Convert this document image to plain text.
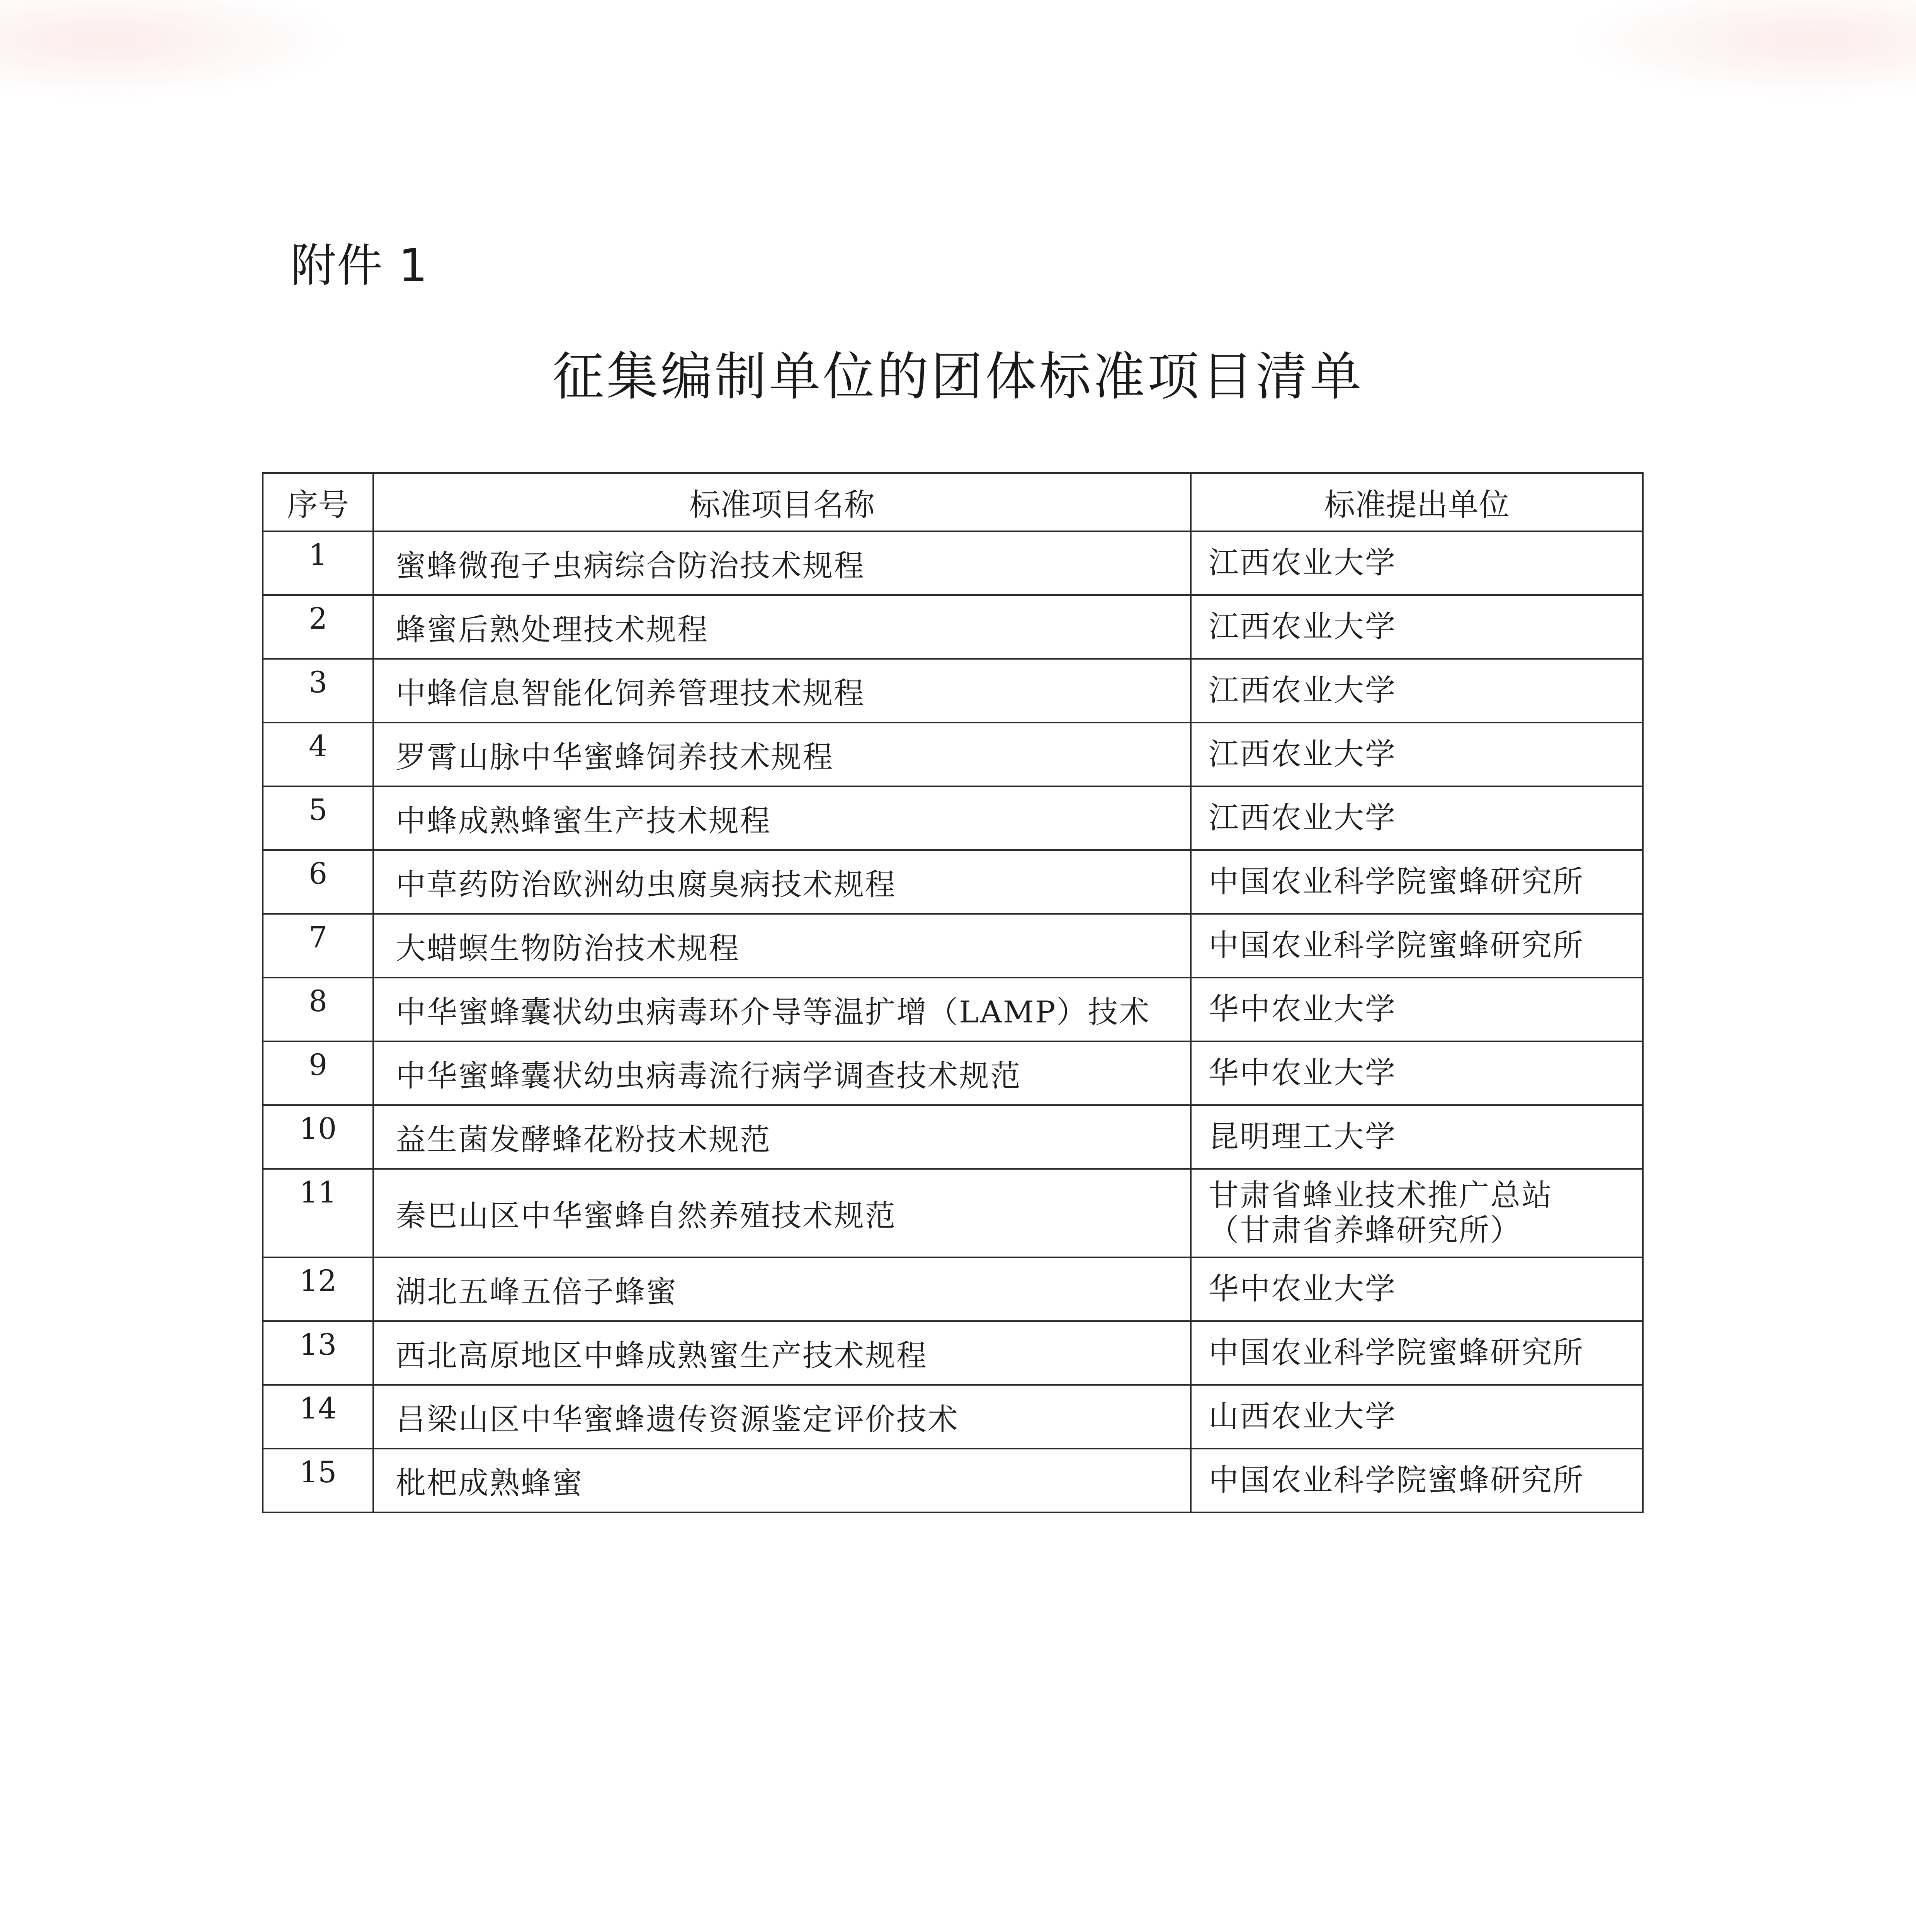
附件 1
征集编制单位的团体标准项目清单
序号	标准项目名称	标准提出单位
1	蜜蜂微孢子虫病综合防治技术规程	江西农业大学

2	蜂蜜后熟处理技术规程	江西农业大学

3	中蜂信息智能化饲养管理技术规程	江西农业大学

4	罗霄山脉中华蜜蜂饲养技术规程	江西农业大学

5	中蜂成熟蜂蜜生产技术规程	江西农业大学

6	中草药防治欧洲幼虫腐臭病技术规程	中国农业科学院蜜蜂研究所

7	大蜡螟生物防治技术规程	中国农业科学院蜜蜂研究所

8	中华蜜蜂囊状幼虫病毒环介导等温扩增（LAMP）技术	华中农业大学

9	中华蜜蜂囊状幼虫病毒流行病学调查技术规范	华中农业大学

10	益生菌发酵蜂花粉技术规范	昆明理工大学

11	秦巴山区中华蜜蜂自然养殖技术规范	甘肃省蜂业技术推广总站
（甘肃省养蜂研究所）

12	湖北五峰五倍子蜂蜜	华中农业大学

13	西北高原地区中蜂成熟蜜生产技术规程	中国农业科学院蜜蜂研究所

14	吕梁山区中华蜜蜂遗传资源鉴定评价技术	山西农业大学

15	枇杷成熟蜂蜜	中国农业科学院蜜蜂研究所
